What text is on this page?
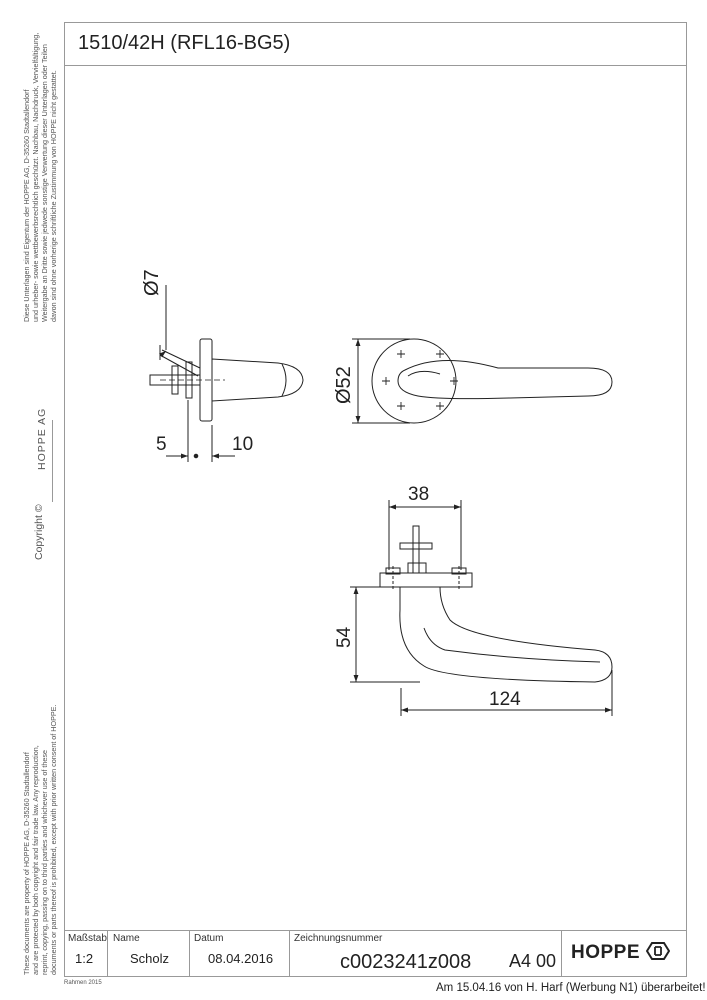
1510/42H (RFL16-BG5)
Diese Unterlagen sind Eigentum der HOPPE AG, D-35260 Stadtallendorf und urheber- sowie wettbewerbsrechtlich geschützt. Nachbau, Nachdruck, Vervielfältigung, Weitergabe an Dritte sowie jedwede sonstige Verwertung dieser Unterlagen oder Teilen davon sind ohne vorherige schriftliche Zustimmung von HOPPE nicht gestattet.
HOPPE AG
Copyright ©
These documents are property of HOPPE AG, D-35260 Stadtallendorf and are protected by both copyright and fair trade law. Any reproduction, reprint, copying, passing on to third parties and whichever use of these documents or parts thereof is prohibited, except with prior written consent of HOPPE.
Ø7
5	10
Ø52
38
54
124
Maßstab
1:2
Name
Scholz
Datum
08.04.2016
Zeichnungsnummer
c0023241z008 A4 00 HOPPE
Rahmen 2015	Am 15.04.16 von H. Harf (Werbung N1) überarbeitet!
